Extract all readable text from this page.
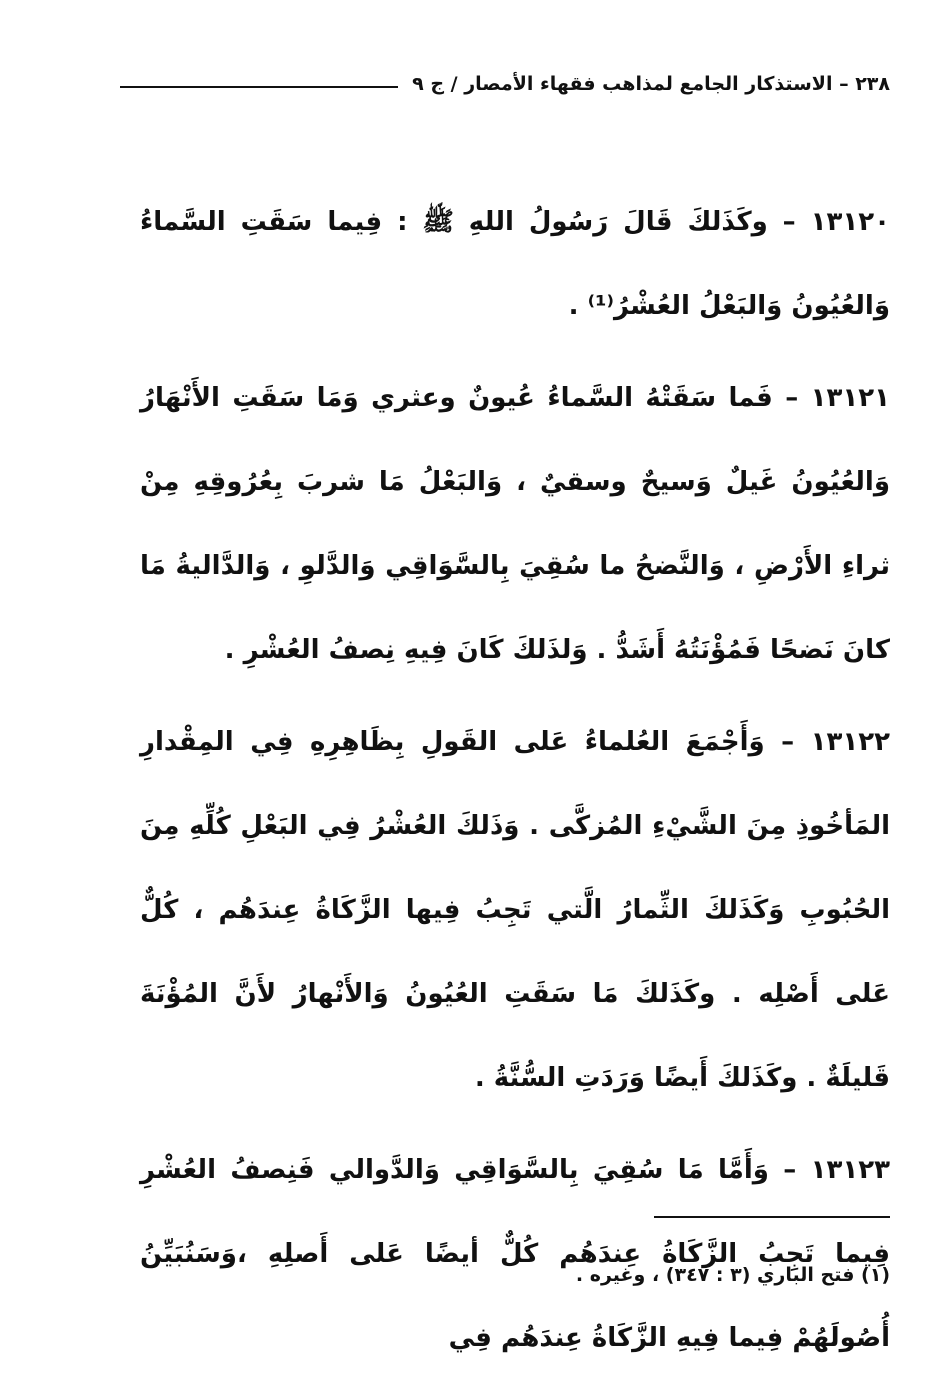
٢٣٨ – الاستذكار الجامع لمذاهب فقهاء الأمصار / ج ٩

١٣١٢٠ – وكَذَلكَ قَالَ رَسُولُ اللهِ ﷺ : فِيما سَقَتِ السَّماءُ وَالعُيُونُ وَالبَعْلُ العُشْرُ⁽¹⁾ .

١٣١٢١ – فَما سَقَتْهُ السَّماءُ عُيونٌ وعثري وَمَا سَقَتِ الأَنْهَارُ وَالعُيُونُ غَيلٌ وَسيحٌ وسقيٌ ، وَالبَعْلُ مَا شربَ بِعُرُوقِهِ مِنْ ثراءِ الأَرْضِ ، وَالنَّضحُ ما سُقِيَ بِالسَّوَاقِي وَالدَّلوِ ، وَالدَّاليةُ مَا كانَ نَضحًا فَمُؤْنَتُهُ أَشَدُّ . وَلذَلكَ كَانَ فِيهِ نِصفُ العُشْرِ .

١٣١٢٢ – وَأَجْمَعَ العُلماءُ عَلى القَولِ بِظَاهِرِهِ فِي المِقْدارِ المَأخُوذِ مِنَ الشَّيْءِ المُزكَّى . وَذَلكَ العُشْرُ فِي البَعْلِ كُلِّهِ مِنَ الحُبُوبِ وَكَذَلكَ الثِّمارُ الَّتي تَجِبُ فِيها الزَّكَاةُ عِندَهُم ، كُلٌّ عَلى أَصْلِه . وكَذَلكَ مَا سَقَتِ العُيُونُ وَالأَنْهارُ لأَنَّ المُؤْنَةَ قَليلَةٌ . وكَذَلكَ أَيضًا وَرَدَتِ السُّنَّةُ .

١٣١٢٣ – وَأَمَّا مَا سُقِيَ بِالسَّوَاقِي وَالدَّوالي فَنِصفُ العُشْرِ فِيما تَجِبُ الزَّكَاةُ عِندَهُم كُلٌّ أيضًا عَلى أَصلِهِ ،وَسَنُبَيِّنُ أُصُولَهُمْ فِيما فِيهِ الزَّكَاةُ عِندَهُم فِي

(١) فتح الباري (٣ : ٣٤٧) ، وغيره .
